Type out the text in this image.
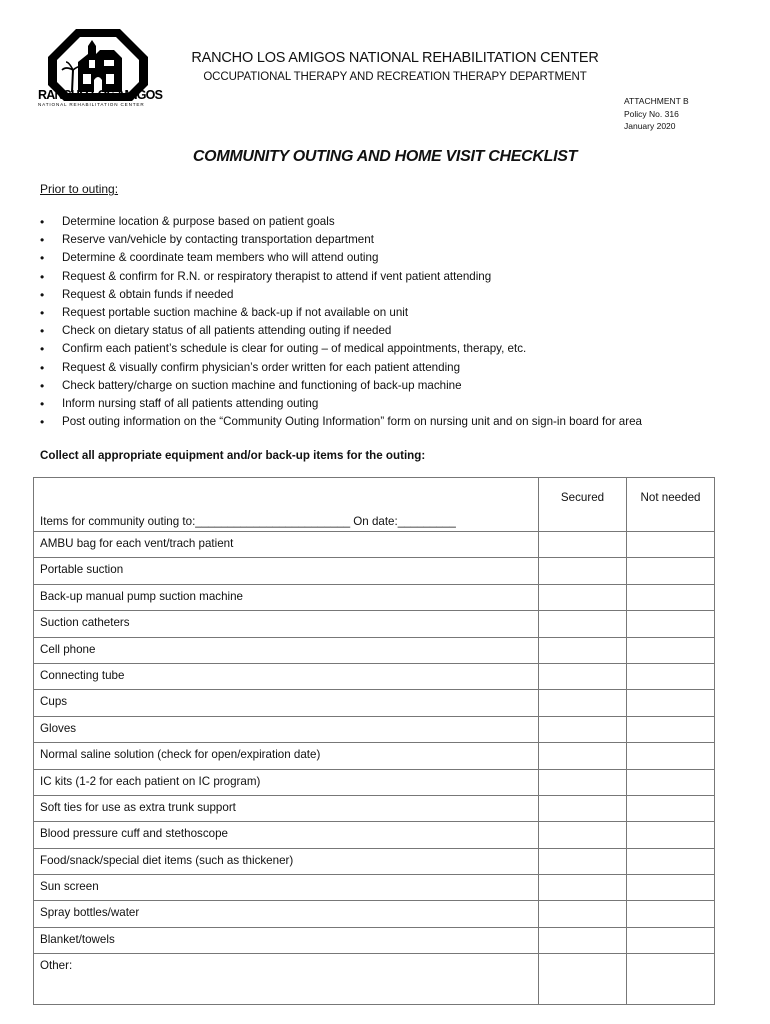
RANCHO LOS AMIGOS
NATIONAL REHABILITATION CENTER
RANCHO LOS AMIGOS NATIONAL REHABILITATION CENTER
OCCUPATIONAL THERAPY AND RECREATION THERAPY DEPARTMENT
ATTACHMENT B
Policy No. 316
January 2020
COMMUNITY OUTING AND HOME VISIT CHECKLIST
Prior to outing:
• Determine location & purpose based on patient goals
• Reserve van/vehicle by contacting transportation department
• Determine & coordinate team members who will attend outing
• Request & confirm for R.N. or respiratory therapist to attend if vent patient attending
• Request & obtain funds if needed
• Request portable suction machine & back-up if not available on unit
• Check on dietary status of all patients attending outing if needed
• Confirm each patient’s schedule is clear for outing – of medical appointments, therapy, etc.
• Request & visually confirm physician’s order written for each patient attending
• Check battery/charge on suction machine and functioning of back-up machine
• Inform nursing staff of all patients attending outing
• Post outing information on the “Community Outing Information” form on nursing unit and on sign-in board for area
Collect all appropriate equipment and/or back-up items for the outing:
Items for community outing to:________________________ On date:_________	Secured	Not needed
AMBU bag for each vent/trach patient		
Portable suction		
Back-up manual pump suction machine		
Suction catheters		
Cell phone		
Connecting tube		
Cups		
Gloves		
Normal saline solution (check for open/expiration date)		
IC kits (1-2 for each patient on IC program)		
Soft ties for use as extra trunk support		
Blood pressure cuff and stethoscope		
Food/snack/special diet items (such as thickener)		
Sun screen		
Spray bottles/water		
Blanket/towels		
Other:		
